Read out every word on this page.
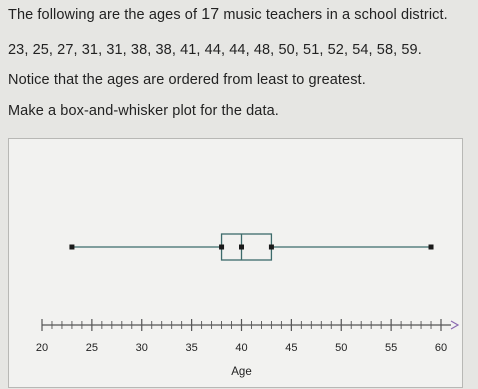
The following are the ages of 17 music teachers in a school district.
23, 25, 27, 31, 31, 38, 38, 41, 44, 44, 48, 50, 51, 52, 54, 58, 59.
Notice that the ages are ordered from least to greatest.
Make a box-and-whisker plot for the data.
20	25	30	35	40	45	50	55	60
Age
